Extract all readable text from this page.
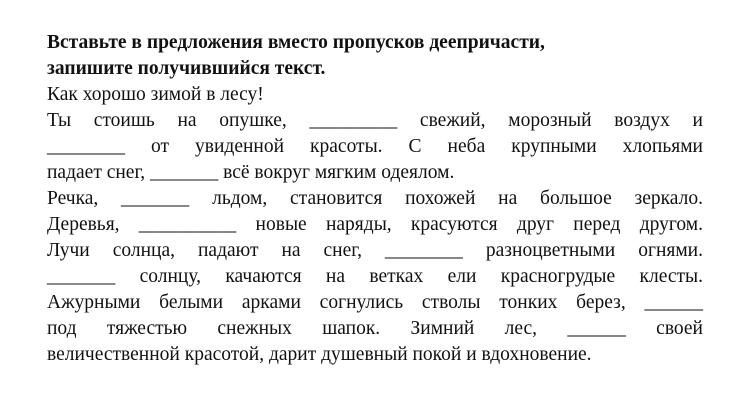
Вставьте в предложения вместо пропусков деепричасти,
запишите получившийся текст.
Как хорошо зимой в лесу!
Ты стоишь на опушке, _________ свежий, морозный воздух и
________ от увиденной красоты. С неба крупными хлопьями
падает снег, _______ всё вокруг мягким одеялом.
Речка, _______ льдом, становится похожей на большое зеркало.
Деревья, __________ новые наряды, красуются друг перед другом.
Лучи солнца, падают на снег, ________ разноцветными огнями.
_______ солнцу, качаются на ветках ели красногрудые клесты.
Ажурными белыми арками согнулись стволы тонких берез, ______
под тяжестью снежных шапок. Зимний лес, ______ своей
величественной красотой, дарит душевный покой и вдохновение.
